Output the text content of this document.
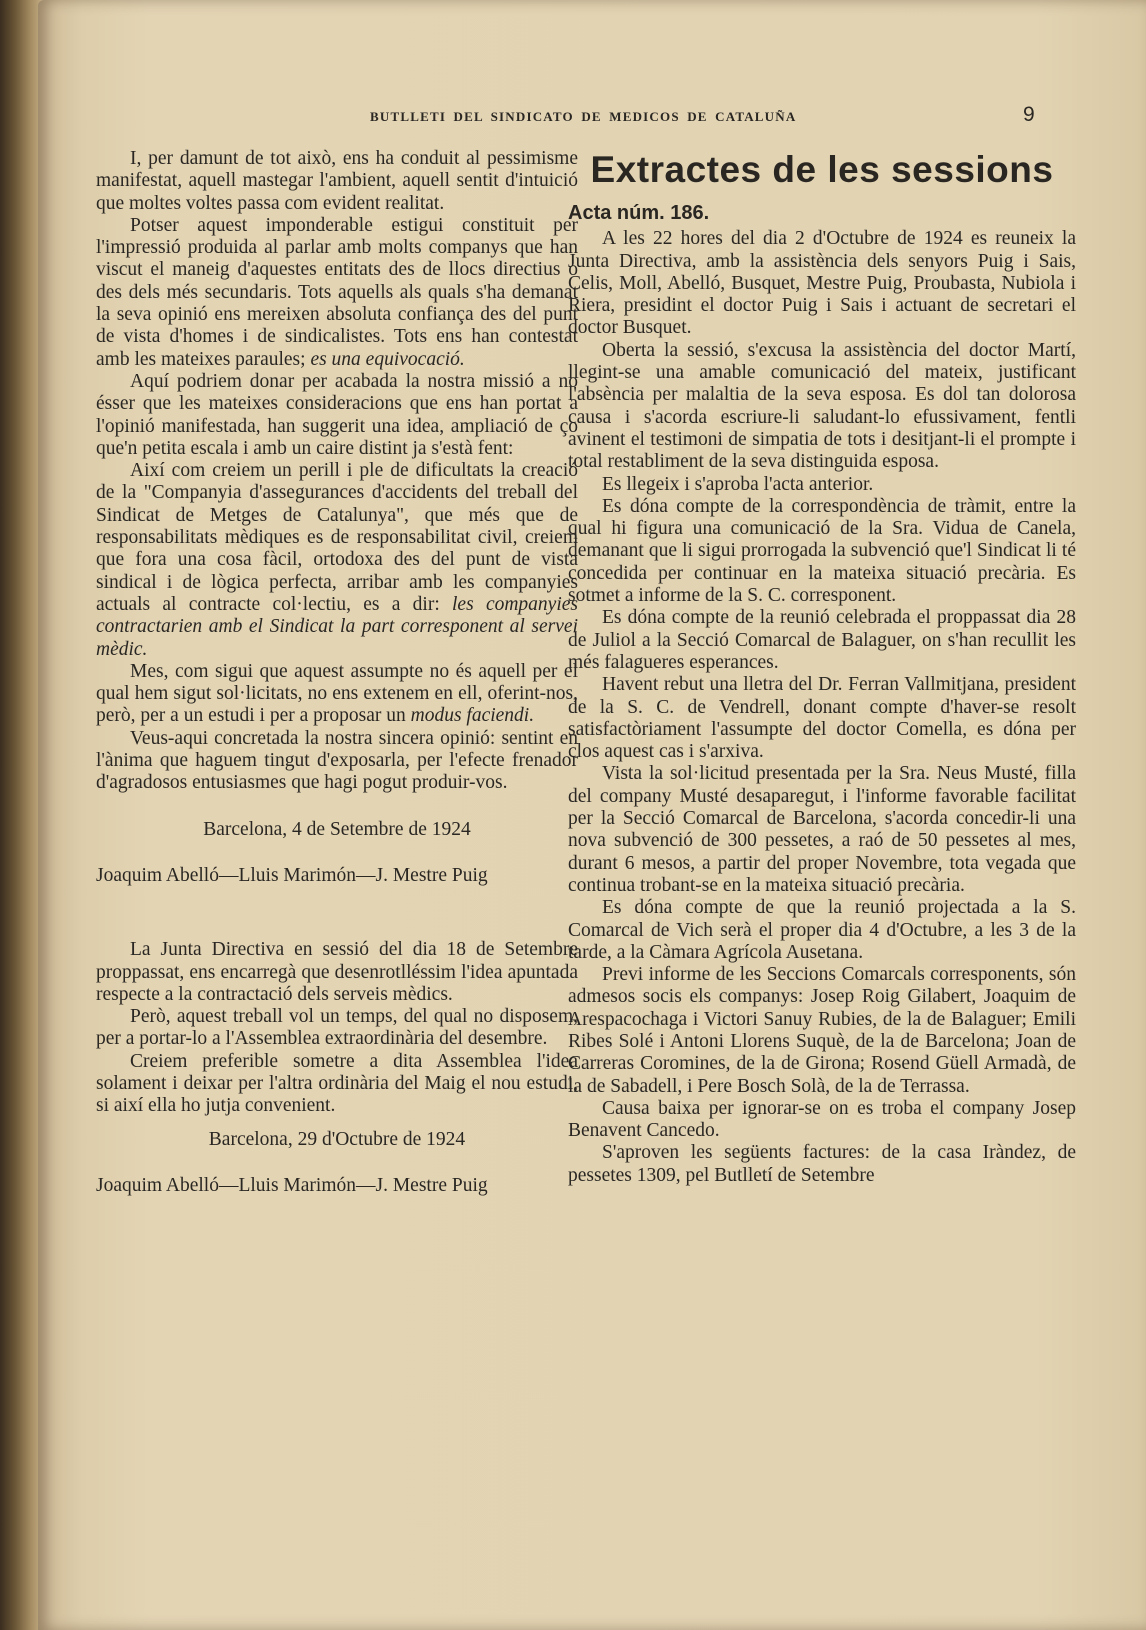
BUTLLETI DEL SINDICATO DE MEDICOS DE CATALUÑA	9

I, per damunt de tot això, ens ha conduit al pessimisme manifestat, aquell mastegar l'ambient, aquell sentit d'intuició que moltes voltes passa com evident realitat.

Potser aquest imponderable estigui constituit per l'impressió produida al parlar amb molts companys que han viscut el maneig d'aquestes entitats des de llocs directius o des dels més secundaris. Tots aquells als quals s'ha demanat la seva opinió ens mereixen absoluta confiança des del punt de vista d'homes i de sindicalistes. Tots ens han contestat amb les mateixes paraules; es una equivocació.

Aquí podriem donar per acabada la nostra missió a no ésser que les mateixes consideracions que ens han portat a l'opinió manifestada, han suggerit una idea, ampliació de ço que'n petita escala i amb un caire distint ja s'està fent:

Així com creiem un perill i ple de dificultats la creació de la "Companyia d'assegurances d'accidents del treball del Sindicat de Metges de Catalunya", que més que de responsabilitats mèdiques es de responsabilitat civil, creiem que fora una cosa fàcil, ortodoxa des del punt de vista sindical i de lògica perfecta, arribar amb les companyies actuals al contracte col·lectiu, es a dir: les companyies contractarien amb el Sindicat la part corresponent al servei mèdic.

Mes, com sigui que aquest assumpte no és aquell per el qual hem sigut sol·licitats, no ens extenem en ell, oferint-nos, però, per a un estudi i per a proposar un modus faciendi.

Veus-aqui concretada la nostra sincera opinió: sentint en l'ànima que haguem tingut d'exposarla, per l'efecte frenador d'agradosos entusiasmes que hagi pogut produir-vos.

Barcelona, 4 de Setembre de 1924

Joaquim Abelló—Lluis Marimón—J. Mestre Puig

La Junta Directiva en sessió del dia 18 de Setembre proppassat, ens encarregà que desenrotlléssim l'idea apuntada respecte a la contractació dels serveis mèdics.

Però, aquest treball vol un temps, del qual no disposem, per a portar-lo a l'Assemblea extraordinària del desembre.

Creiem preferible sometre a dita Assemblea l'idea solament i deixar per l'altra ordinària del Maig el nou estudi, si així ella ho jutja convenient.

Barcelona, 29 d'Octubre de 1924

Joaquim Abelló—Lluis Marimón—J. Mestre Puig

Extractes de les sessions
Acta núm. 186.

A les 22 hores del dia 2 d'Octubre de 1924 es reuneix la Junta Directiva, amb la assistència dels senyors Puig i Sais, Celis, Moll, Abelló, Busquet, Mestre Puig, Proubasta, Nubiola i Riera, presidint el doctor Puig i Sais i actuant de secretari el doctor Busquet.

Oberta la sessió, s'excusa la assistència del doctor Martí, llegint-se una amable comunicació del mateix, justificant l'absència per malaltia de la seva esposa. Es dol tan dolorosa causa i s'acorda escriure-li saludant-lo efussivament, fentli avinent el testimoni de simpatia de tots i desitjant-li el prompte i total restabliment de la seva distinguida esposa.

Es llegeix i s'aproba l'acta anterior.

Es dóna compte de la correspondència de tràmit, entre la qual hi figura una comunicació de la Sra. Vidua de Canela, demanant que li sigui prorrogada la subvenció que'l Sindicat li té concedida per continuar en la mateixa situació precària. Es sotmet a informe de la S. C. corresponent.

Es dóna compte de la reunió celebrada el proppassat dia 28 de Juliol a la Secció Comarcal de Balaguer, on s'han recullit les més falagueres esperances.

Havent rebut una lletra del Dr. Ferran Vallmitjana, president de la S. C. de Vendrell, donant compte d'haver-se resolt satisfactòriament l'assumpte del doctor Comella, es dóna per clos aquest cas i s'arxiva.

Vista la sol·licitud presentada per la Sra. Neus Musté, filla del company Musté desaparegut, i l'informe favorable facilitat per la Secció Comarcal de Barcelona, s'acorda concedir-li una nova subvenció de 300 pessetes, a raó de 50 pessetes al mes, durant 6 mesos, a partir del proper Novembre, tota vegada que continua trobant-se en la mateixa situació precària.

Es dóna compte de que la reunió projectada a la S. Comarcal de Vich serà el proper dia 4 d'Octubre, a les 3 de la tarde, a la Càmara Agrícola Ausetana.

Previ informe de les Seccions Comarcals corresponents, són admesos socis els companys: Josep Roig Gilabert, Joaquim de Arespacochaga i Victori Sanuy Rubies, de la de Balaguer; Emili Ribes Solé i Antoni Llorens Suquè, de la de Barcelona; Joan de Carreras Coromines, de la de Girona; Rosend Güell Armadà, de la de Sabadell, i Pere Bosch Solà, de la de Terrassa.

Causa baixa per ignorar-se on es troba el company Josep Benavent Cancedo.

S'aproven les següents factures: de la casa Iràndez, de pessetes 1309, pel Butlletí de Setembre
